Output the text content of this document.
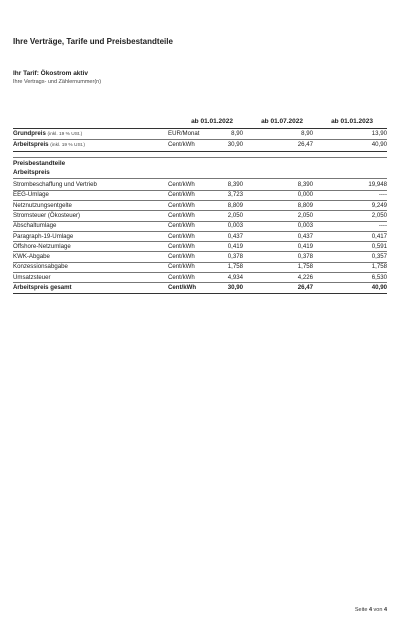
Ihre Verträge, Tarife und Preisbestandteile
Ihr Tarif: Ökostrom aktiv
Ihre Vertrags- und Zählernummer(n)
ab 01.01.2022	ab 01.07.2022	ab 01.01.2023
Grundpreis (inkl. 19 % USt.)	EUR/Monat	8,90	8,90	13,90
Arbeitspreis (inkl. 19 % USt.)	Cent/kWh	30,90	26,47	40,90
Preisbestandteile
Arbeitspreis
Strombeschaffung und Vertrieb	Cent/kWh	8,390	8,390	19,948
EEG-Umlage	Cent/kWh	3,723	0,000	----
Netznutzungsentgelte	Cent/kWh	8,809	8,809	9,249
Stromsteuer (Ökosteuer)	Cent/kWh	2,050	2,050	2,050
Abschaltumlage	Cent/kWh	0,003	0,003	----
Paragraph-19-Umlage	Cent/kWh	0,437	0,437	0,417
Offshore-Netzumlage	Cent/kWh	0,419	0,419	0,591
KWK-Abgabe	Cent/kWh	0,378	0,378	0,357
Konzessionsabgabe	Cent/kWh	1,758	1,758	1,758
Umsatzsteuer	Cent/kWh	4,934	4,226	6,530
Arbeitspreis gesamt	Cent/kWh	30,90	26,47	40,90
Seite 4 von 4
